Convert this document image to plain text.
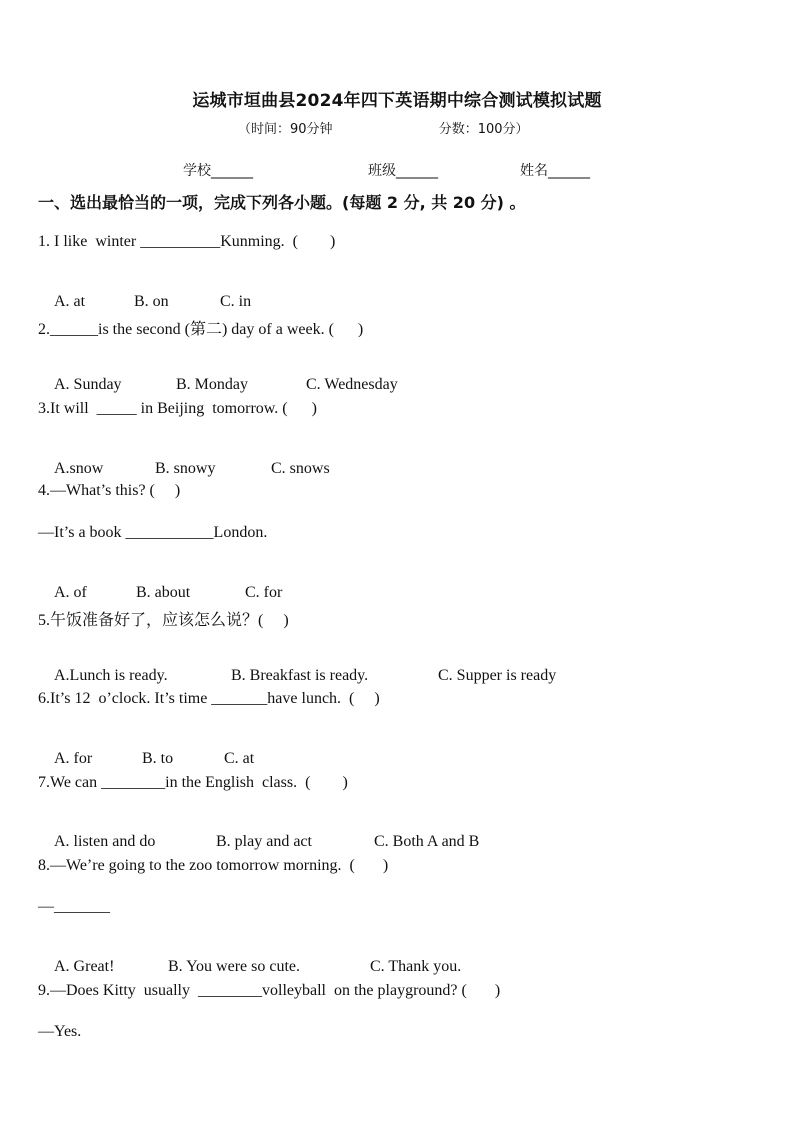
运城市垣曲县2024年四下英语期中综合测试模拟试题
（时间：90分钟	分数：100分）
学校______	班级______	姓名______
一、选出最恰当的一项，完成下列各小题。(每题 2 分, 共 20 分) 。
1. I like  winter __________Kunming.  (        )

A. at	B. on	C. in

2.______is the second (第二) day of a week. (      )

A. Sunday	B. Monday	C. Wednesday

3.It will  _____ in Beijing  tomorrow. (      )

A.snow	B. snowy	C. snows

4.—What’s this? (     )
—It’s a book ___________London.

A. of	B. about	C. for

5.午饭准备好了，应该怎么说？(     )

A.Lunch is ready.	B. Breakfast is ready.	C. Supper is ready

6.It’s 12  o’clock. It’s time _______have lunch.  (     )

A. for	B. to	C. at

7.We can ________in the English  class.  (        )

A. listen and do	B. play and act	C. Both A and B

8.—We’re going to the zoo tomorrow morning.  (       )
—_______

A. Great!	B. You were so cute.	C. Thank you.

9.—Does Kitty  usually  ________volleyball  on the playground? (       )
—Yes.
